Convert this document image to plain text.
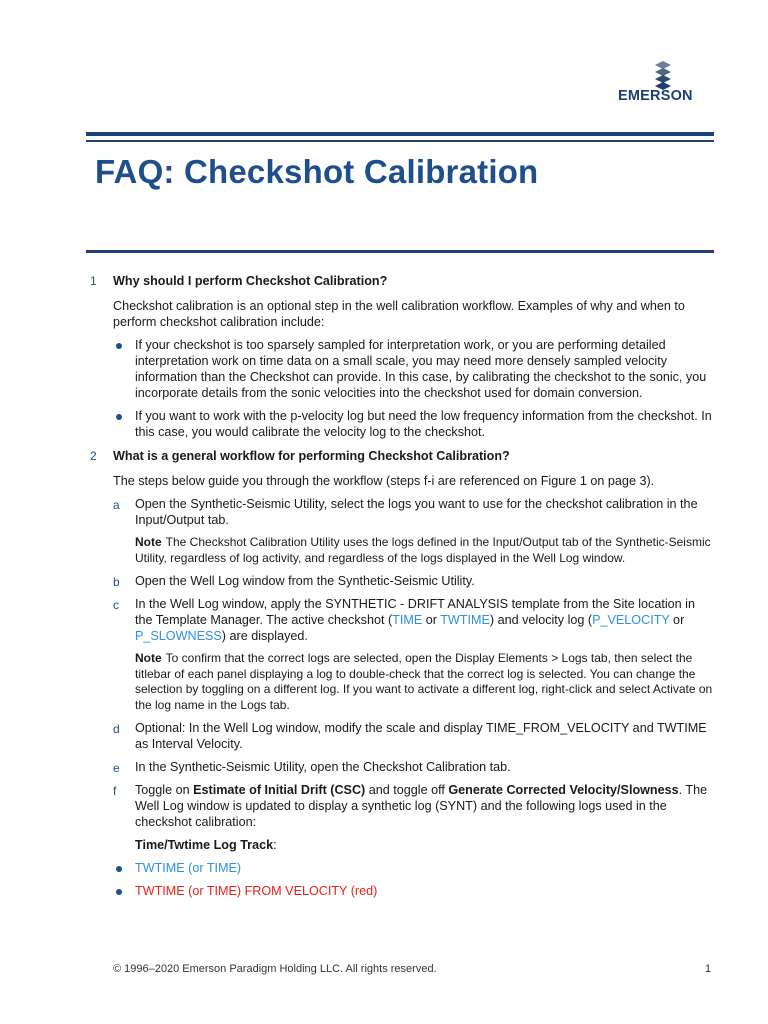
EMERSON
FAQ: Checkshot Calibration
1 Why should I perform Checkshot Calibration?
Checkshot calibration is an optional step in the well calibration workflow. Examples of why and when to perform checkshot calibration include:
If your checkshot is too sparsely sampled for interpretation work, or you are performing detailed interpretation work on time data on a small scale, you may need more densely sampled velocity information than the Checkshot can provide. In this case, by calibrating the checkshot to the sonic, you incorporate details from the sonic velocities into the checkshot used for domain conversion.
If you want to work with the p-velocity log but need the low frequency information from the checkshot. In this case, you would calibrate the velocity log to the checkshot.
2 What is a general workflow for performing Checkshot Calibration?
The steps below guide you through the workflow (steps f-i are referenced on Figure 1 on page 3).
a Open the Synthetic-Seismic Utility, select the logs you want to use for the checkshot calibration in the Input/Output tab.
Note The Checkshot Calibration Utility uses the logs defined in the Input/Output tab of the Synthetic-Seismic Utility, regardless of log activity, and regardless of the logs displayed in the Well Log window.
b Open the Well Log window from the Synthetic-Seismic Utility.
c In the Well Log window, apply the SYNTHETIC - DRIFT ANALYSIS template from the Site location in the Template Manager. The active checkshot (TIME or TWTIME) and velocity log (P_VELOCITY or P_SLOWNESS) are displayed.
Note To confirm that the correct logs are selected, open the Display Elements > Logs tab, then select the titlebar of each panel displaying a log to double-check that the correct log is selected. You can change the selection by toggling on a different log. If you want to activate a different log, right-click and select Activate on the log name in the Logs tab.
d Optional: In the Well Log window, modify the scale and display TIME_FROM_VELOCITY and TWTIME as Interval Velocity.
e In the Synthetic-Seismic Utility, open the Checkshot Calibration tab.
f Toggle on Estimate of Initial Drift (CSC) and toggle off Generate Corrected Velocity/Slowness. The Well Log window is updated to display a synthetic log (SYNT) and the following logs used in the checkshot calibration:
Time/Twtime Log Track:
TWTIME (or TIME)
TWTIME (or TIME) FROM VELOCITY (red)
© 1996–2020 Emerson Paradigm Holding LLC. All rights reserved.	1
